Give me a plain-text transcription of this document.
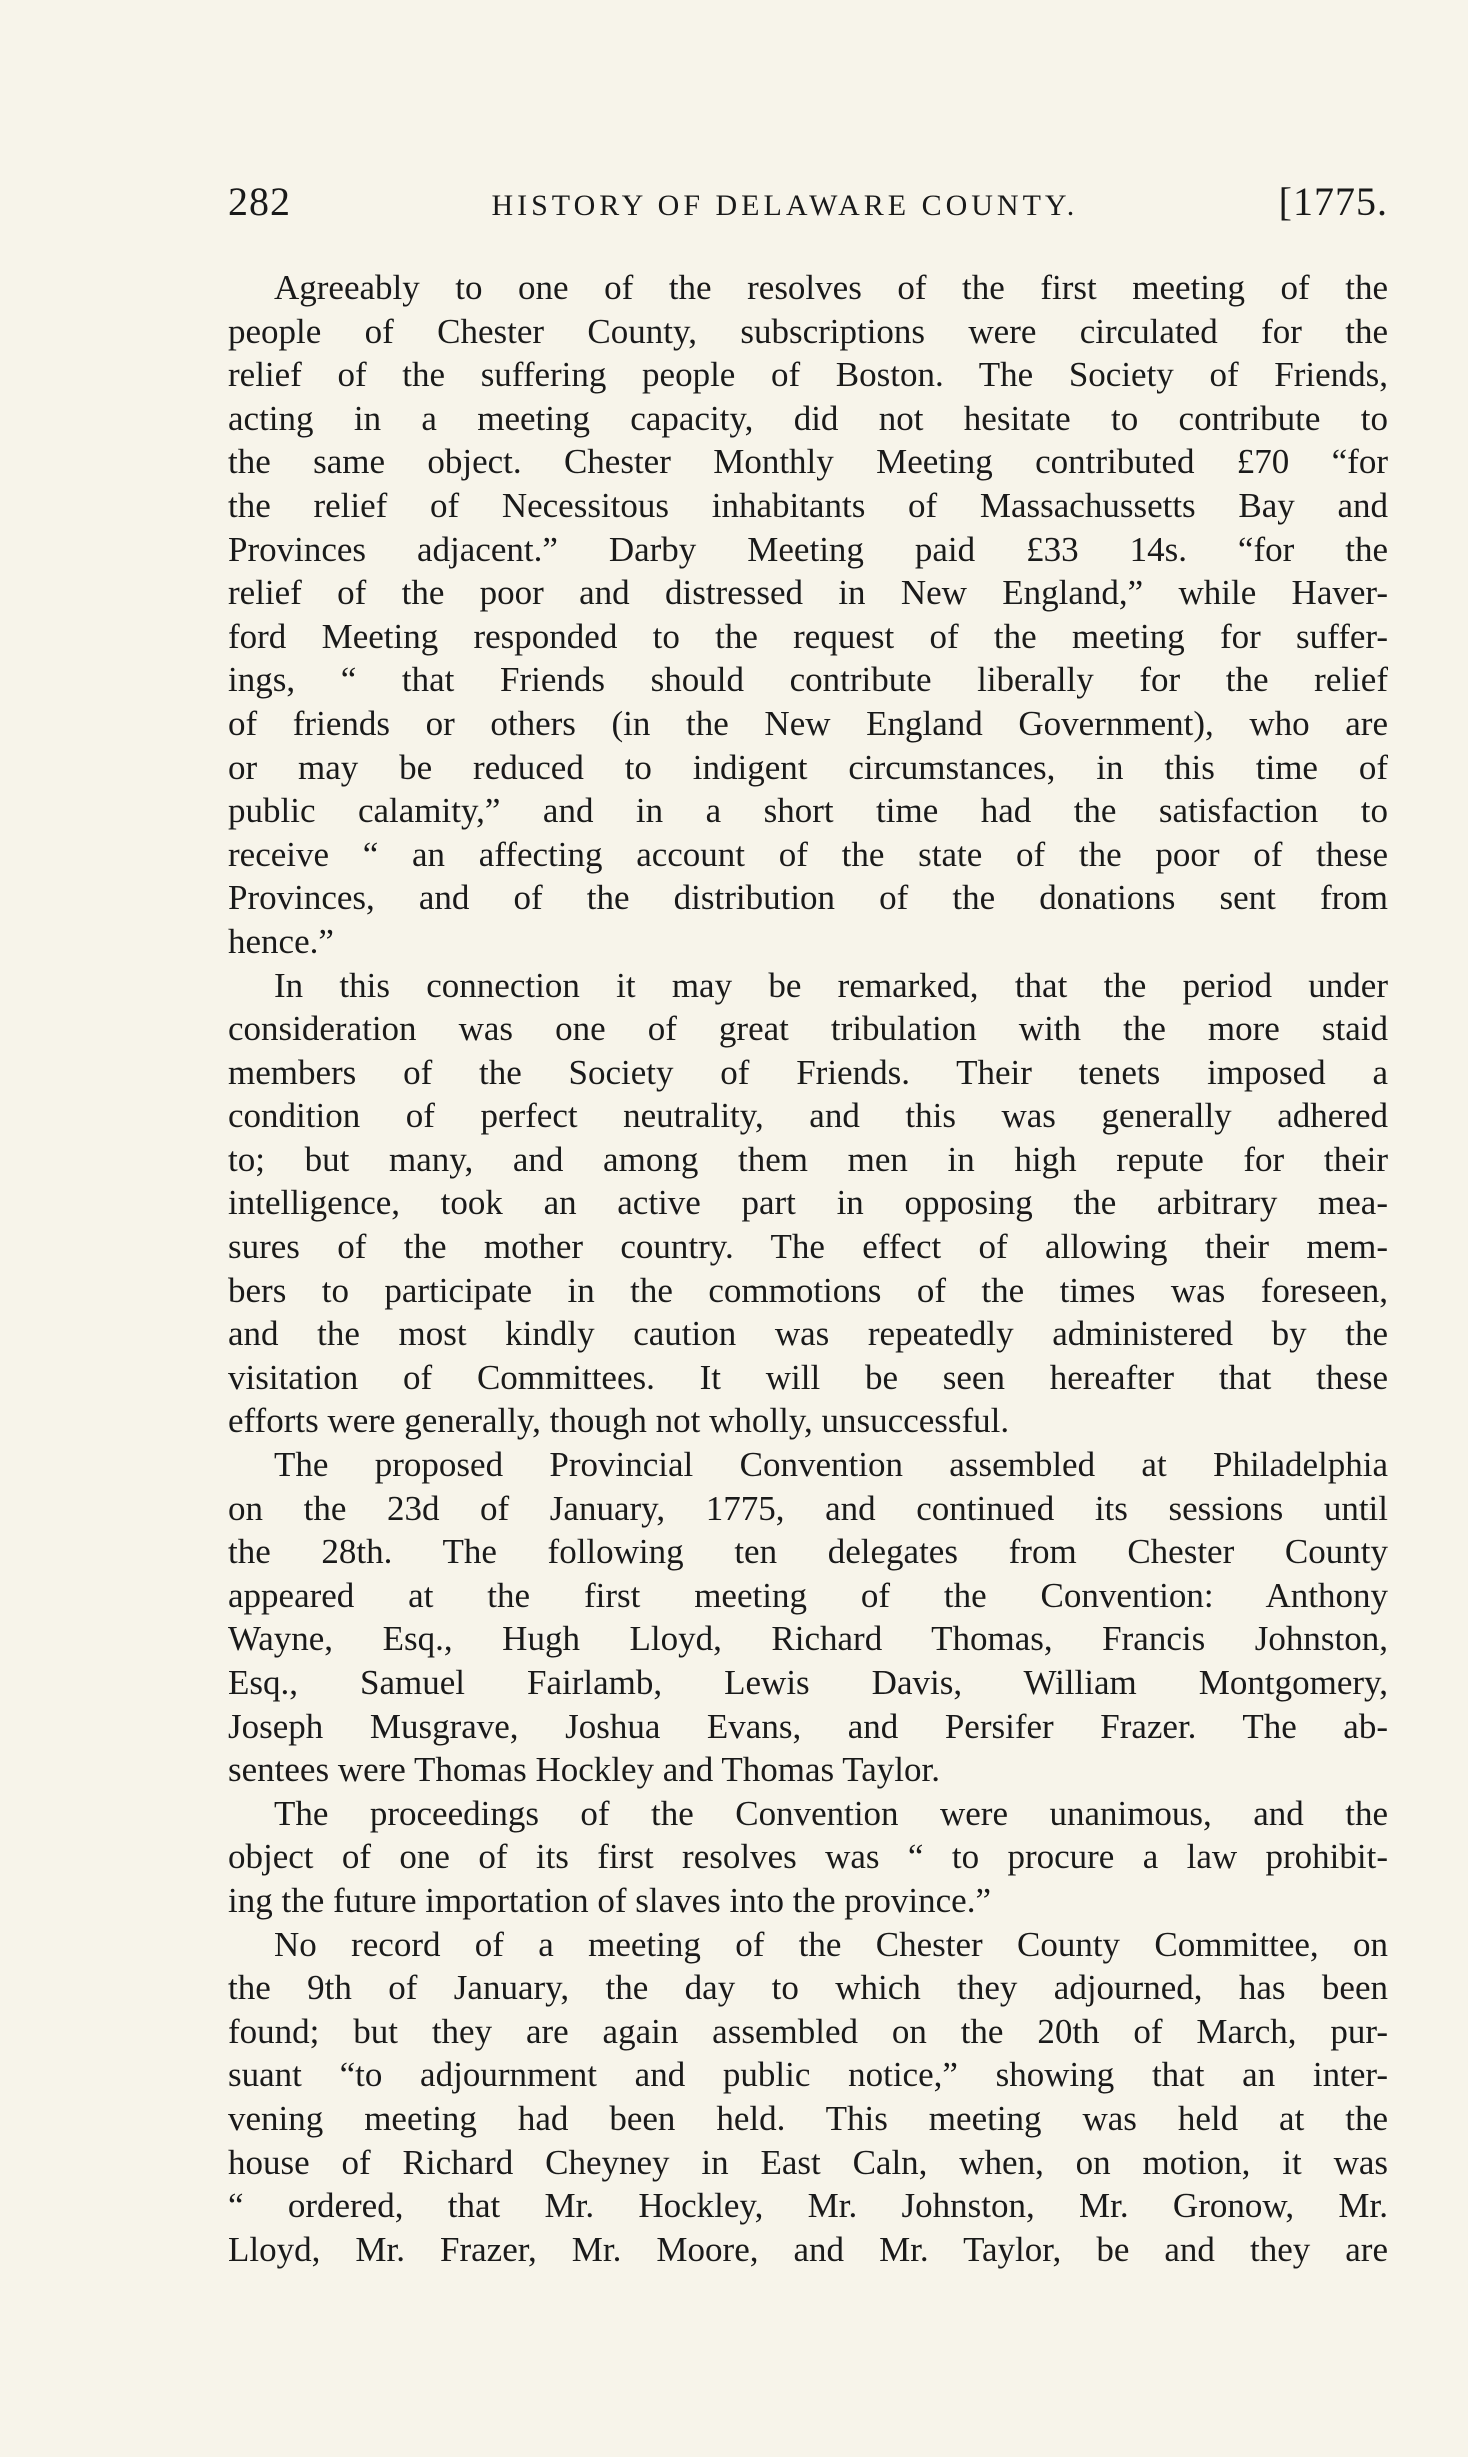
282	HISTORY OF DELAWARE COUNTY.	[1775.
Agreeably to one of the resolves of the first meeting of the
people of Chester County, subscriptions were circulated for the
relief of the suffering people of Boston. The Society of Friends,
acting in a meeting capacity, did not hesitate to contribute to
the same object. Chester Monthly Meeting contributed £70 “for
the relief of Necessitous inhabitants of Massachussetts Bay and
Provinces adjacent.” Darby Meeting paid £33 14s. “for the
relief of the poor and distressed in New England,” while Haver-
ford Meeting responded to the request of the meeting for suffer-
ings, “ that Friends should contribute liberally for the relief
of friends or others (in the New England Government), who are
or may be reduced to indigent circumstances, in this time of
public calamity,” and in a short time had the satisfaction to
receive “ an affecting account of the state of the poor of these
Provinces, and of the distribution of the donations sent from
hence.”
In this connection it may be remarked, that the period under
consideration was one of great tribulation with the more staid
members of the Society of Friends. Their tenets imposed a
condition of perfect neutrality, and this was generally adhered
to; but many, and among them men in high repute for their
intelligence, took an active part in opposing the arbitrary mea-
sures of the mother country. The effect of allowing their mem-
bers to participate in the commotions of the times was foreseen,
and the most kindly caution was repeatedly administered by the
visitation of Committees. It will be seen hereafter that these
efforts were generally, though not wholly, unsuccessful.
The proposed Provincial Convention assembled at Philadelphia
on the 23d of January, 1775, and continued its sessions until
the 28th. The following ten delegates from Chester County
appeared at the first meeting of the Convention: Anthony
Wayne, Esq., Hugh Lloyd, Richard Thomas, Francis Johnston,
Esq., Samuel Fairlamb, Lewis Davis, William Montgomery,
Joseph Musgrave, Joshua Evans, and Persifer Frazer. The ab-
sentees were Thomas Hockley and Thomas Taylor.
The proceedings of the Convention were unanimous, and the
object of one of its first resolves was “ to procure a law prohibit-
ing the future importation of slaves into the province.”
No record of a meeting of the Chester County Committee, on
the 9th of January, the day to which they adjourned, has been
found; but they are again assembled on the 20th of March, pur-
suant “to adjournment and public notice,” showing that an inter-
vening meeting had been held. This meeting was held at the
house of Richard Cheyney in East Caln, when, on motion, it was
“ ordered, that Mr. Hockley, Mr. Johnston, Mr. Gronow, Mr.
Lloyd, Mr. Frazer, Mr. Moore, and Mr. Taylor, be and they are
